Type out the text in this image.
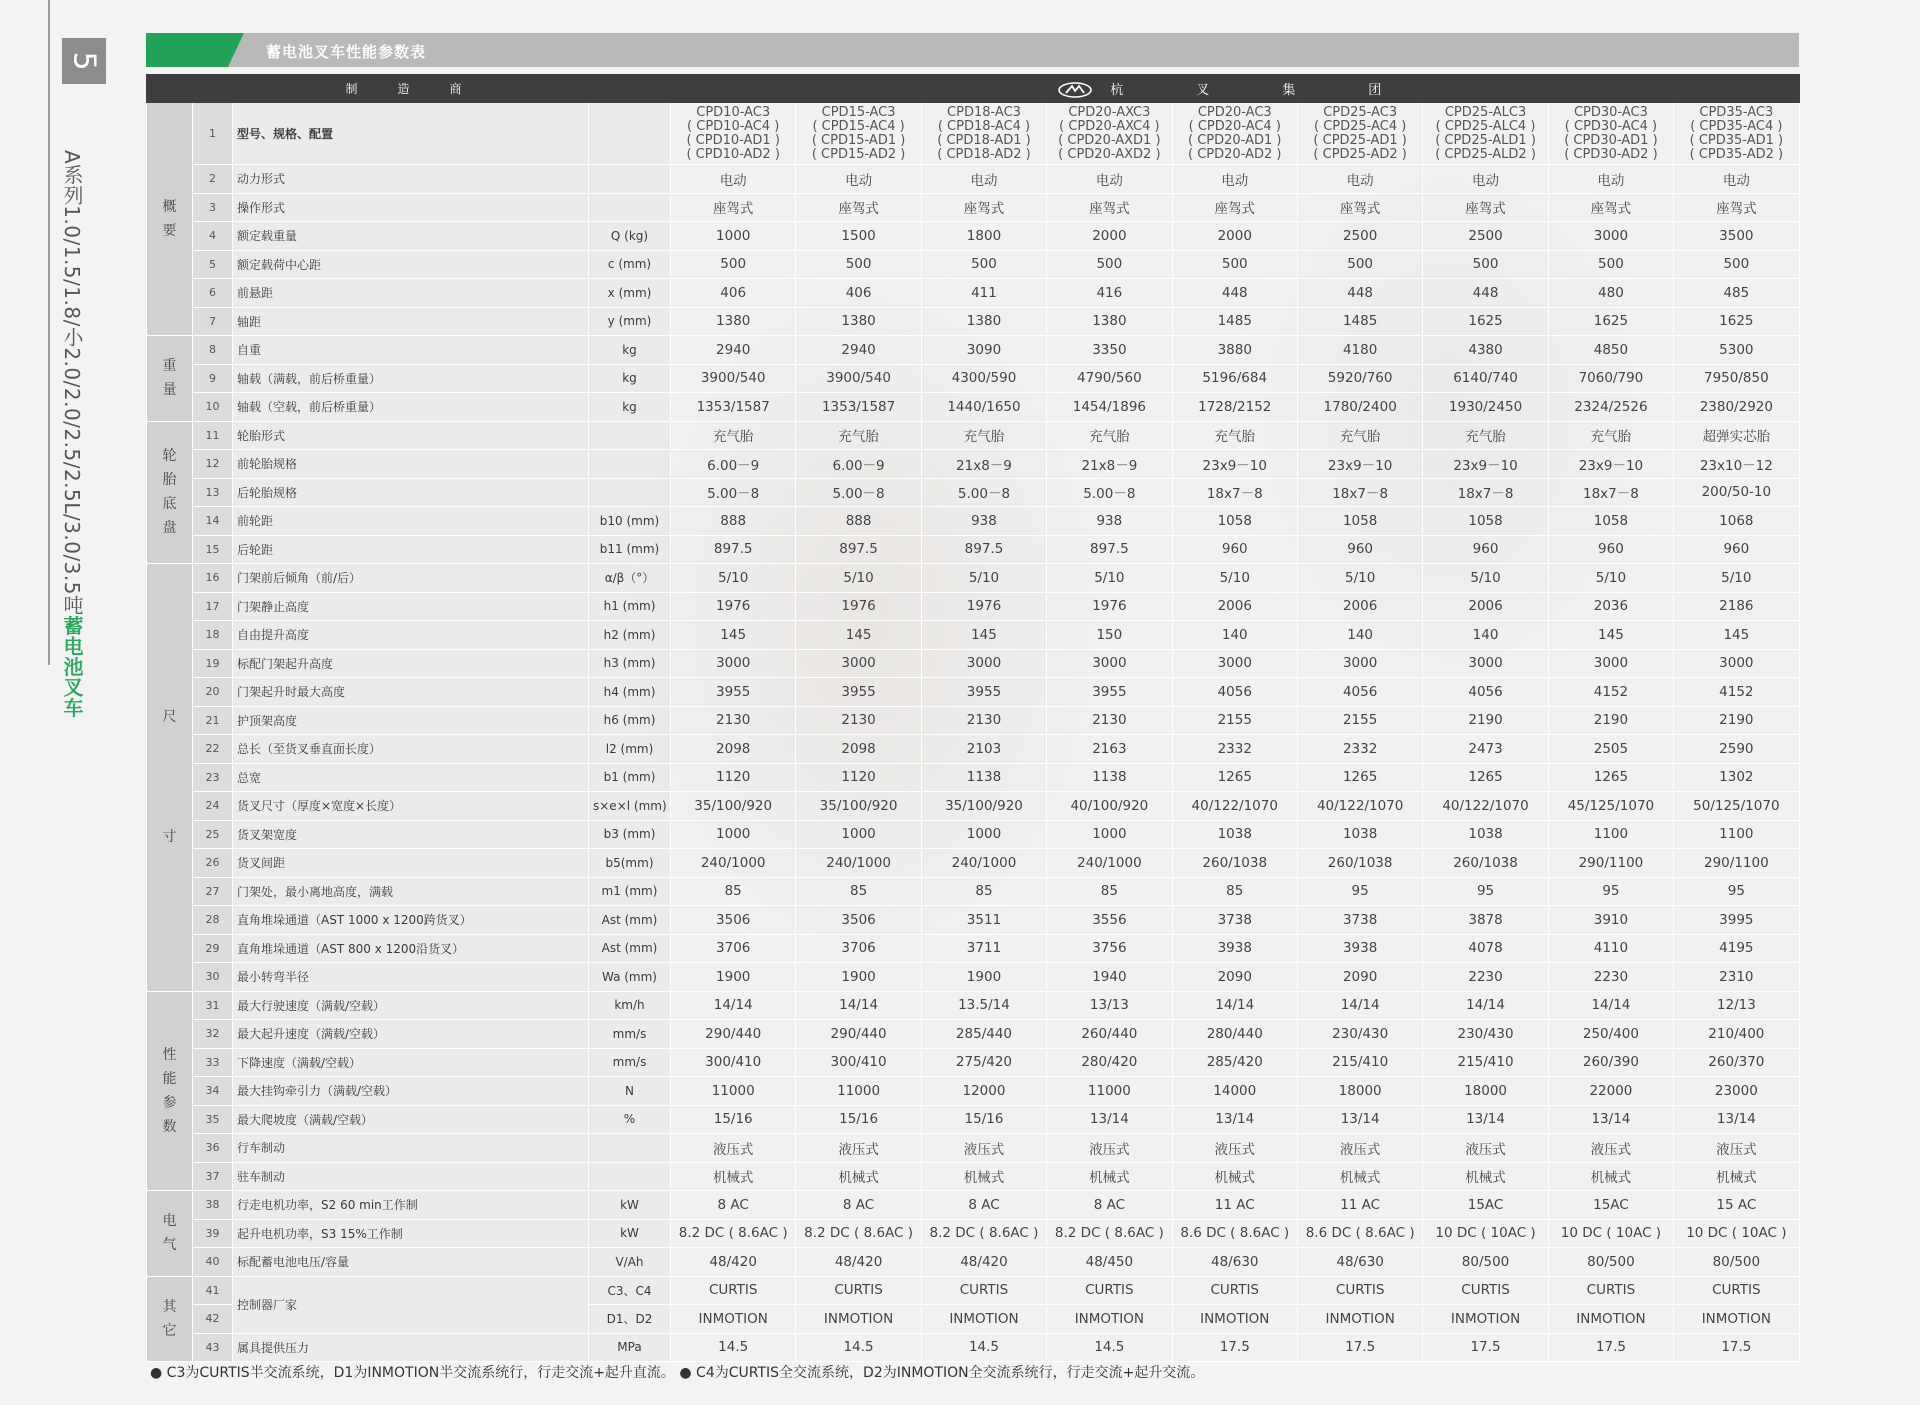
5
A系列1.0/1.5/1.8/小2.0/2.0/2.5/2.5L/3.0/3.5吨蓄电池叉车
蓄电池叉车性能参数表
		制　造　商		杭　叉　集　团								
概
要	1	型号、规格、配置		CPD10-AC3
( CPD10-AC4 )
( CPD10-AD1 )
( CPD10-AD2 )	CPD15-AC3
( CPD15-AC4 )
( CPD15-AD1 )
( CPD15-AD2 )	CPD18-AC3
( CPD18-AC4 )
( CPD18-AD1 )
( CPD18-AD2 )	CPD20-AXC3
( CPD20-AXC4 )
( CPD20-AXD1 )
( CPD20-AXD2 )	CPD20-AC3
( CPD20-AC4 )
( CPD20-AD1 )
( CPD20-AD2 )	CPD25-AC3
( CPD25-AC4 )
( CPD25-AD1 )
( CPD25-AD2 )	CPD25-ALC3
( CPD25-ALC4 )
( CPD25-ALD1 )
( CPD25-ALD2 )	CPD30-AC3
( CPD30-AC4 )
( CPD30-AD1 )
( CPD30-AD2 )	CPD35-AC3
( CPD35-AC4 )
( CPD35-AD1 )
( CPD35-AD2 )

	2	动力形式		电动	电动	电动	电动	电动	电动	电动	电动	电动
	3	操作形式		座驾式	座驾式	座驾式	座驾式	座驾式	座驾式	座驾式	座驾式	座驾式
	4	额定载重量	Q (kg)	1000	1500	1800	2000	2000	2500	2500	3000	3500
	5	额定载荷中心距	c (mm)	500	500	500	500	500	500	500	500	500
	6	前悬距	x (mm)	406	406	411	416	448	448	448	480	485
	7	轴距	y (mm)	1380	1380	1380	1380	1485	1485	1625	1625	1625
重
量	8	自重	kg	2940	2940	3090	3350	3880	4180	4380	4850	5300
	9	轴载（满载，前后桥重量）	kg	3900/540	3900/540	4300/590	4790/560	5196/684	5920/760	6140/740	7060/790	7950/850
	10	轴载（空载，前后桥重量）	kg	1353/1587	1353/1587	1440/1650	1454/1896	1728/2152	1780/2400	1930/2450	2324/2526	2380/2920
轮
胎
底
盘	11	轮胎形式		充气胎	充气胎	充气胎	充气胎	充气胎	充气胎	充气胎	充气胎	超弹实芯胎
	12	前轮胎规格		6.00－9	6.00－9	21x8－9	21x8－9	23x9－10	23x9－10	23x9－10	23x9－10	23x10－12
	13	后轮胎规格		5.00－8	5.00－8	5.00－8	5.00－8	18x7－8	18x7－8	18x7－8	18x7－8	200/50-10
	14	前轮距	b10 (mm)	888	888	938	938	1058	1058	1058	1058	1068
	15	后轮距	b11 (mm)	897.5	897.5	897.5	897.5	960	960	960	960	960
尺

寸	16	门架前后倾角（前/后）	α/β（°）	5/10	5/10	5/10	5/10	5/10	5/10	5/10	5/10	5/10
	17	门架静止高度	h1 (mm)	1976	1976	1976	1976	2006	2006	2006	2036	2186
	18	自由提升高度	h2 (mm)	145	145	145	150	140	140	140	145	145
	19	标配门架起升高度	h3 (mm)	3000	3000	3000	3000	3000	3000	3000	3000	3000
	20	门架起升时最大高度	h4 (mm)	3955	3955	3955	3955	4056	4056	4056	4152	4152
	21	护顶架高度	h6 (mm)	2130	2130	2130	2130	2155	2155	2190	2190	2190
	22	总长（至货叉垂直面长度）	l2 (mm)	2098	2098	2103	2163	2332	2332	2473	2505	2590
	23	总宽	b1 (mm)	1120	1120	1138	1138	1265	1265	1265	1265	1302
	24	货叉尺寸（厚度×宽度×长度）	s×e×l (mm)	35/100/920	35/100/920	35/100/920	40/100/920	40/122/1070	40/122/1070	40/122/1070	45/125/1070	50/125/1070
	25	货叉架宽度	b3 (mm)	1000	1000	1000	1000	1038	1038	1038	1100	1100
	26	货叉间距	b5(mm)	240/1000	240/1000	240/1000	240/1000	260/1038	260/1038	260/1038	290/1100	290/1100
	27	门架处，最小离地高度，满载	m1 (mm)	85	85	85	85	85	95	95	95	95
	28	直角堆垛通道（AST 1000 x 1200跨货叉）	Ast (mm)	3506	3506	3511	3556	3738	3738	3878	3910	3995
	29	直角堆垛通道（AST 800 x 1200沿货叉）	Ast (mm)	3706	3706	3711	3756	3938	3938	4078	4110	4195
	30	最小转弯半径	Wa (mm)	1900	1900	1900	1940	2090	2090	2230	2230	2310
性
能
参
数	31	最大行驶速度（满载/空载）	km/h	14/14	14/14	13.5/14	13/13	14/14	14/14	14/14	14/14	12/13
	32	最大起升速度（满载/空载）	mm/s	290/440	290/440	285/440	260/440	280/440	230/430	230/430	250/400	210/400
	33	下降速度（满载/空载）	mm/s	300/410	300/410	275/420	280/420	285/420	215/410	215/410	260/390	260/370
	34	最大挂钩牵引力（满载/空载）	N	11000	11000	12000	11000	14000	18000	18000	22000	23000
	35	最大爬坡度（满载/空载）	%	15/16	15/16	15/16	13/14	13/14	13/14	13/14	13/14	13/14
	36	行车制动		液压式	液压式	液压式	液压式	液压式	液压式	液压式	液压式	液压式
	37	驻车制动		机械式	机械式	机械式	机械式	机械式	机械式	机械式	机械式	机械式
电
气	38	行走电机功率，S2 60 min工作制	kW	8 AC	8 AC	8 AC	8 AC	11 AC	11 AC	15AC	15AC	15 AC
	39	起升电机功率，S3 15%工作制	kW	8.2 DC ( 8.6AC )	8.2 DC ( 8.6AC )	8.2 DC ( 8.6AC )	8.2 DC ( 8.6AC )	8.6 DC ( 8.6AC )	8.6 DC ( 8.6AC )	10 DC ( 10AC )	10 DC ( 10AC )	10 DC ( 10AC )
	40	标配蓄电池电压/容量	V/Ah	48/420	48/420	48/420	48/450	48/630	48/630	80/500	80/500	80/500
其
它	41	控制器厂家	C3、C4	CURTIS	CURTIS	CURTIS	CURTIS	CURTIS	CURTIS	CURTIS	CURTIS	CURTIS
	42		D1、D2	INMOTION	INMOTION	INMOTION	INMOTION	INMOTION	INMOTION	INMOTION	INMOTION	INMOTION
	43	属具提供压力	MPa	14.5	14.5	14.5	14.5	17.5	17.5	17.5	17.5	17.5
● C3为CURTIS半交流系统，D1为INMOTION半交流系统行，行走交流+起升直流。 ● C4为CURTIS全交流系统，D2为INMOTION全交流系统行，行走交流+起升交流。
